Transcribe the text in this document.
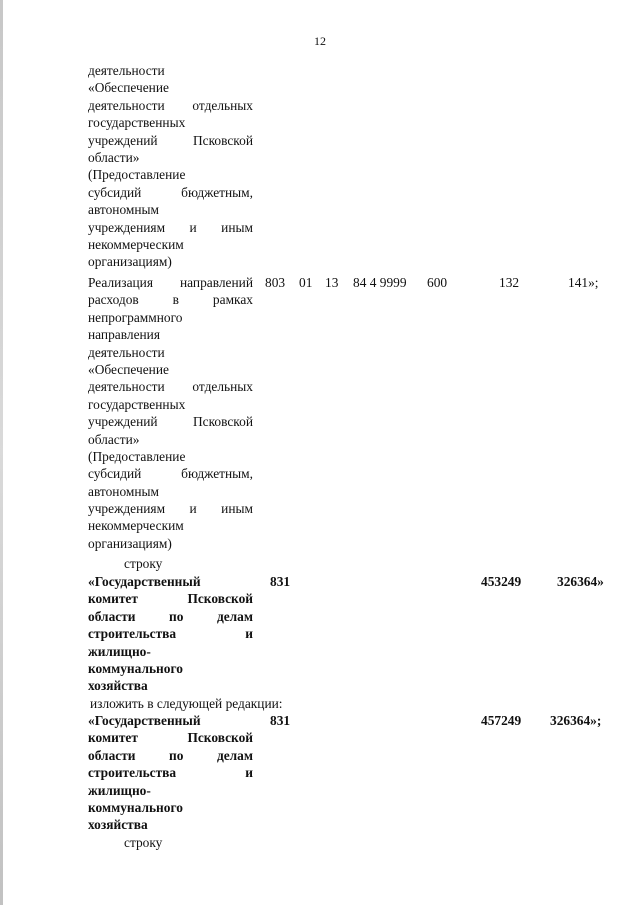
12
деятельности
«Обеспечение
деятельности отдельных
государственных
учреждений Псковской
области»
(Предоставление
субсидий бюджетным,
автономным
учреждениям и иным
некоммерческим
организациям)
Реализация направлений
расходов в рамках
непрограммного
направления
деятельности
«Обеспечение
деятельности отдельных
государственных
учреждений Псковской
области»
(Предоставление
субсидий бюджетным,
автономным
учреждениям и иным
некоммерческим
организациям)
803 01 13 84 4 9999 600	132	141»;
строку
«Государственный
комитет Псковской
области по делам
строительства и
жилищно-
коммунального
хозяйства
831	453249	326364»
изложить в следующей редакции:
«Государственный
комитет Псковской
области по делам
строительства и
жилищно-
коммунального
хозяйства
831	457249 326364»;
строку
